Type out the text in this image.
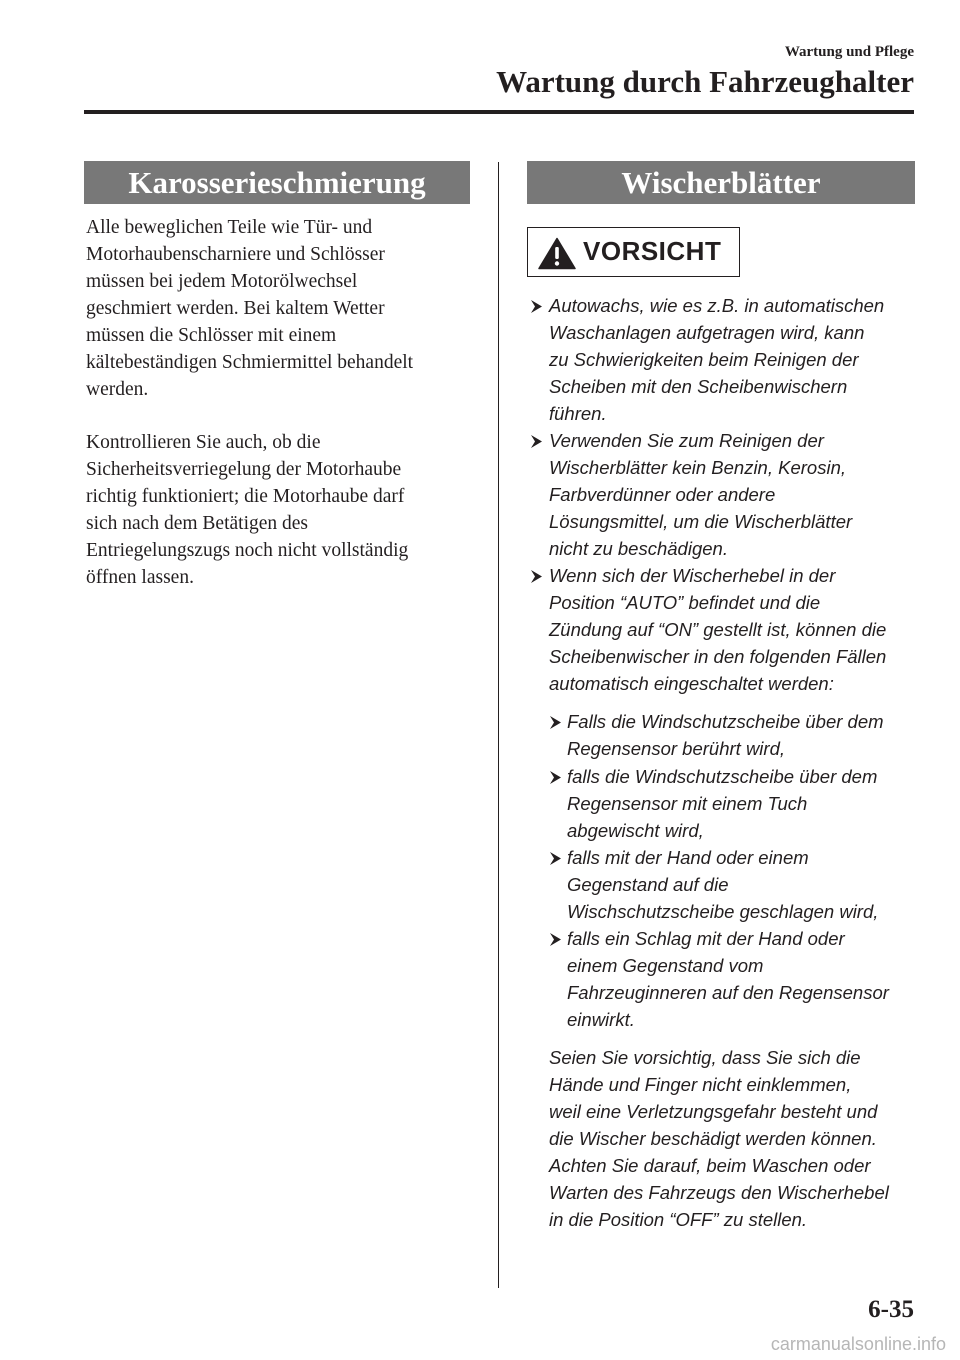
Wartung und Pflege
Wartung durch Fahrzeughalter
Karosserieschmierung

Alle beweglichen Teile wie Tür- und

Motorhaubenscharniere und Schlösser

müssen bei jedem Motorölwechsel

geschmiert werden. Bei kaltem Wetter

müssen die Schlösser mit einem

kältebeständigen Schmiermittel behandelt

werden.

Kontrollieren Sie auch, ob die

Sicherheitsverriegelung der Motorhaube

richtig funktioniert; die Motorhaube darf

sich nach dem Betätigen des

Entriegelungszugs noch nicht vollständig

öffnen lassen.

Wischerblätter
VORSICHT
Autowachs, wie es z.B. in automatischen
Waschanlagen aufgetragen wird, kann
zu Schwierigkeiten beim Reinigen der
Scheiben mit den Scheibenwischern
führen.
Verwenden Sie zum Reinigen der
Wischerblätter kein Benzin, Kerosin,
Farbverdünner oder andere
Lösungsmittel, um die Wischerblätter
nicht zu beschädigen.
Wenn sich der Wischerhebel in der
Position “AUTO” befindet und die
Zündung auf “ON” gestellt ist, können die
Scheibenwischer in den folgenden Fällen
automatisch eingeschaltet werden:
Falls die Windschutzscheibe über dem
Regensensor berührt wird,
falls die Windschutzscheibe über dem
Regensensor mit einem Tuch
abgewischt wird,
falls mit der Hand oder einem
Gegenstand auf die
Wischschutzscheibe geschlagen wird,
falls ein Schlag mit der Hand oder
einem Gegenstand vom
Fahrzeuginneren auf den Regensensor
einwirkt.
Seien Sie vorsichtig, dass Sie sich die
Hände und Finger nicht einklemmen,
weil eine Verletzungsgefahr besteht und
die Wischer beschädigt werden können.
Achten Sie darauf, beim Waschen oder
Warten des Fahrzeugs den Wischerhebel
in die Position “OFF” zu stellen.
6-35
carmanualsonline.info
